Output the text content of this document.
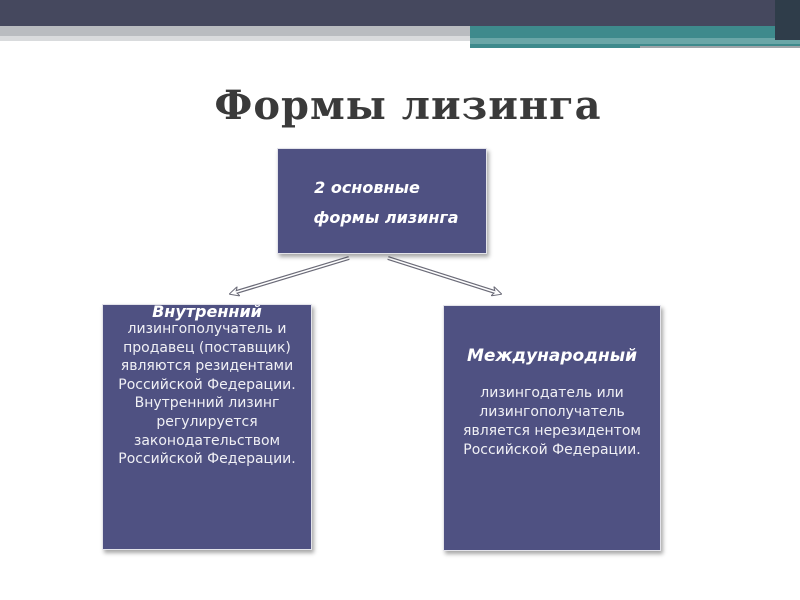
Формы лизинга
2 основные
формы лизинга
Внутренний
лизингополучатель и продавец (поставщик) являются резидентами Российской Федерации. Внутренний лизинг регулируется законодательством Российской Федерации.
Международный
лизингодатель или лизингополучатель является нерезидентом Российской Федерации.
